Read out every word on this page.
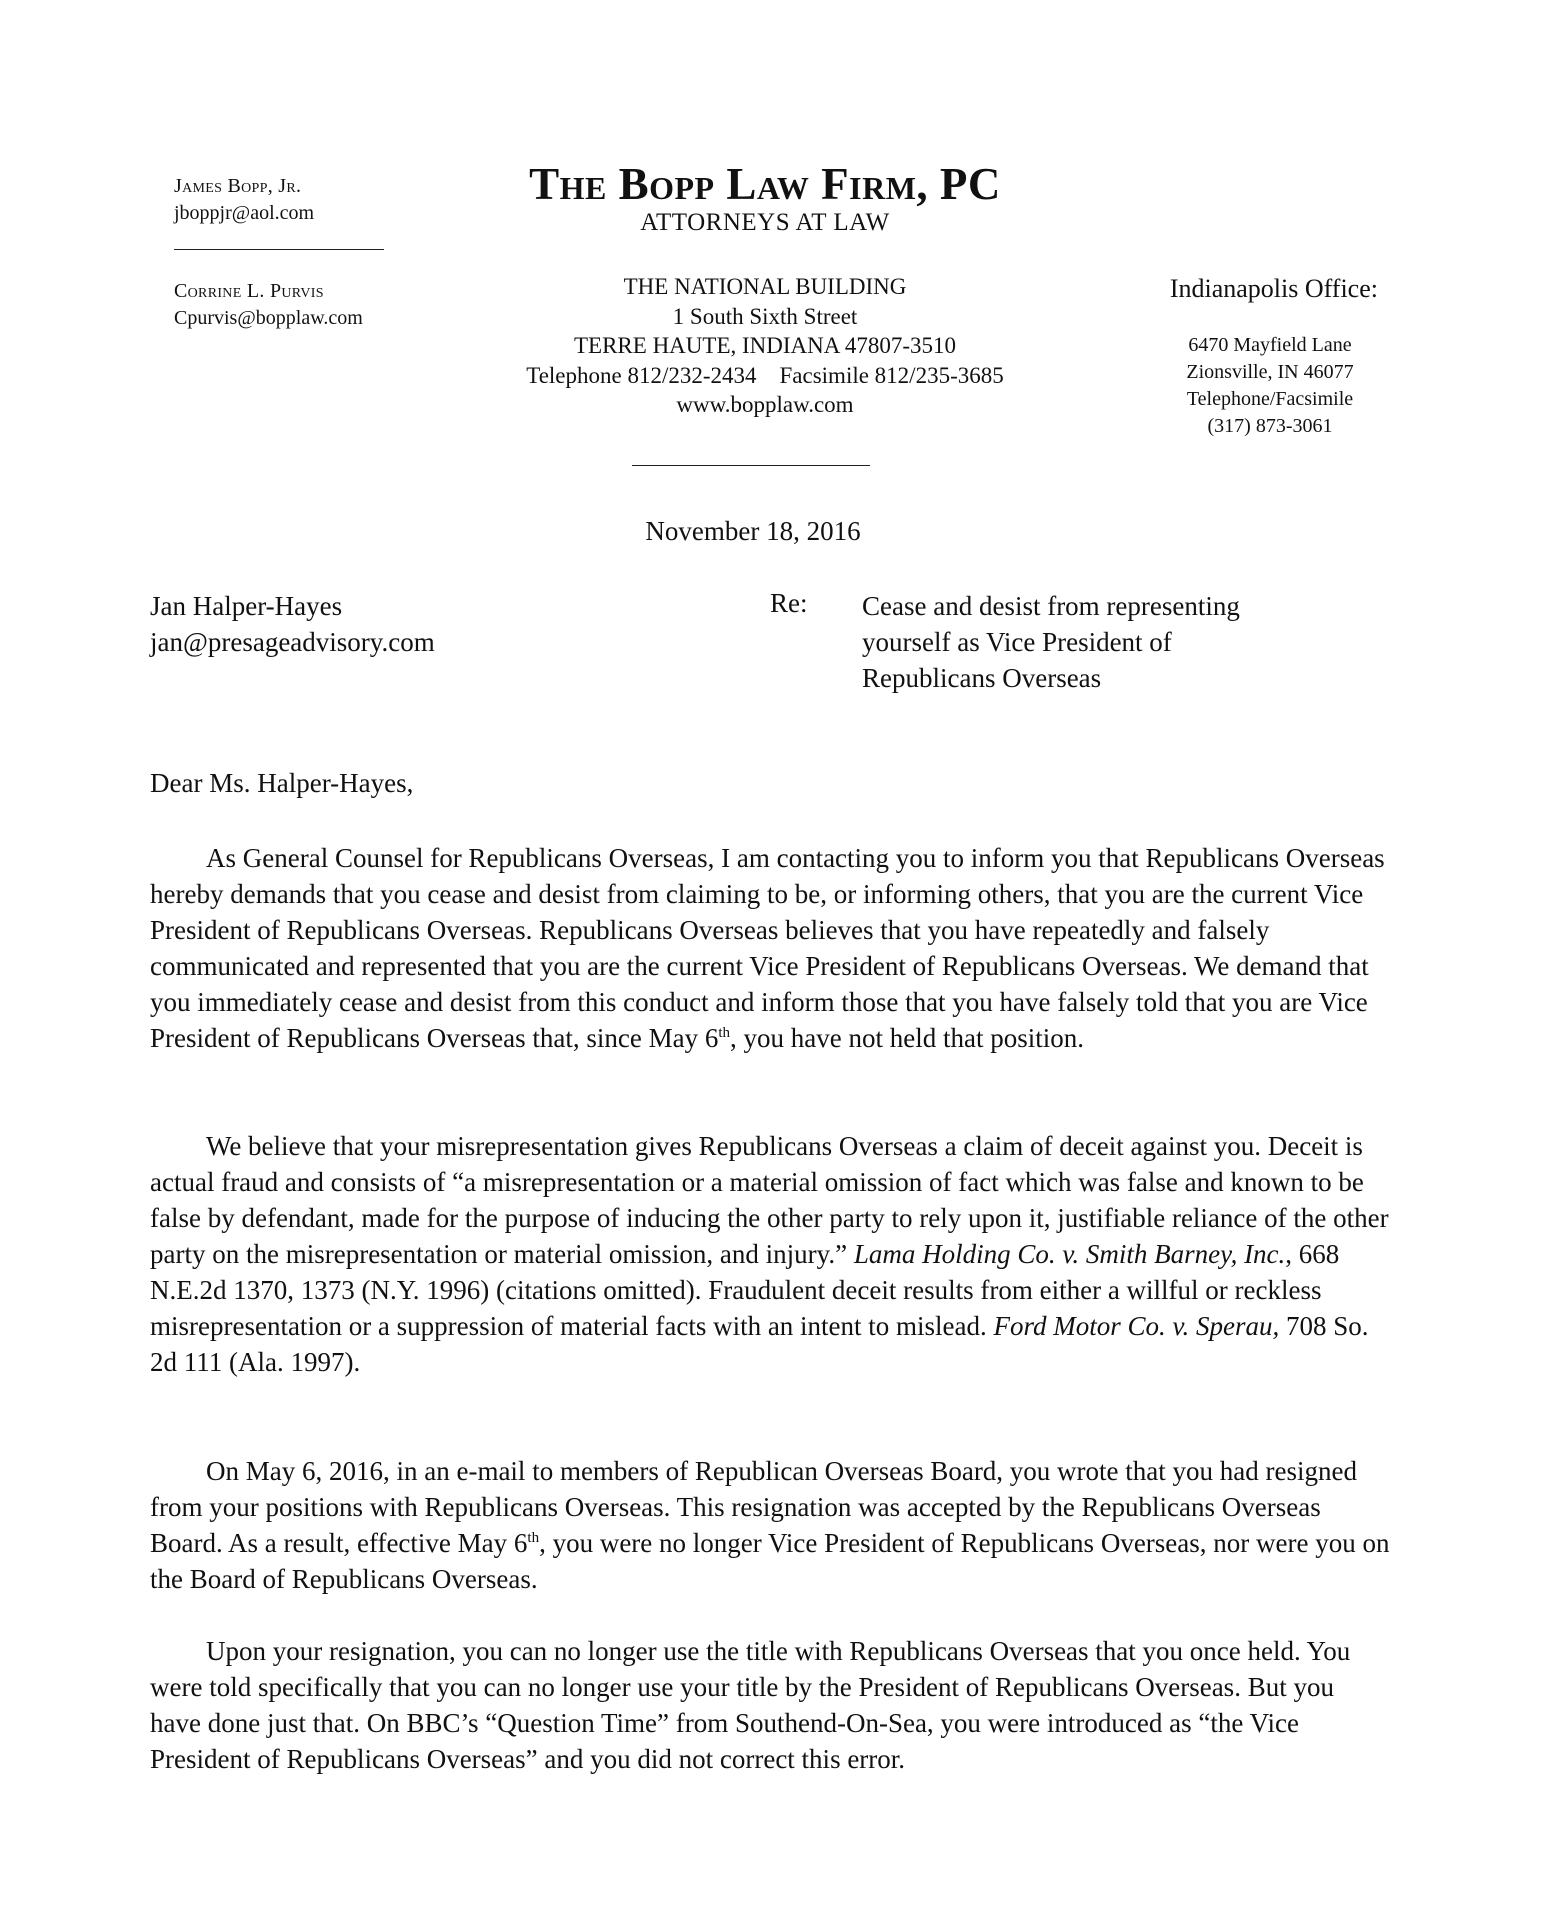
James Bopp, Jr.
jboppjr@aol.com
Corrine L. Purvis
Cpurvis@bopplaw.com
The Bopp Law Firm, PC
ATTORNEYS AT LAW
THE NATIONAL BUILDING
1 South Sixth Street
TERRE HAUTE, INDIANA 47807-3510
Telephone 812/232-2434 Facsimile 812/235-3685
www.bopplaw.com
Indianapolis Office:
6470 Mayfield Lane
Zionsville, IN 46077
Telephone/Facsimile
(317) 873-3061
November 18, 2016
Jan Halper-Hayes
jan@presageadvisory.com
Re: Cease and desist from representing
yourself as Vice President of
Republicans Overseas
Dear Ms. Halper-Hayes,

As General Counsel for Republicans Overseas, I am contacting you to inform you that Republicans Overseas hereby demands that you cease and desist from claiming to be, or informing others, that you are the current Vice President of Republicans Overseas. Republicans Overseas believes that you have repeatedly and falsely communicated and represented that you are the current Vice President of Republicans Overseas. We demand that you immediately cease and desist from this conduct and inform those that you have falsely told that you are Vice President of Republicans Overseas that, since May 6th, you have not held that position.

We believe that your misrepresentation gives Republicans Overseas a claim of deceit against you. Deceit is actual fraud and consists of “a misrepresentation or a material omission of fact which was false and known to be false by defendant, made for the purpose of inducing the other party to rely upon it, justifiable reliance of the other party on the misrepresentation or material omission, and injury.” Lama Holding Co. v. Smith Barney, Inc., 668 N.E.2d 1370, 1373 (N.Y. 1996) (citations omitted). Fraudulent deceit results from either a willful or reckless misrepresentation or a suppression of material facts with an intent to mislead. Ford Motor Co. v. Sperau, 708 So. 2d 111 (Ala. 1997).

On May 6, 2016, in an e-mail to members of Republican Overseas Board, you wrote that you had resigned from your positions with Republicans Overseas. This resignation was accepted by the Republicans Overseas Board. As a result, effective May 6th, you were no longer Vice President of Republicans Overseas, nor were you on the Board of Republicans Overseas.

Upon your resignation, you can no longer use the title with Republicans Overseas that you once held. You were told specifically that you can no longer use your title by the President of Republicans Overseas. But you have done just that. On BBC’s “Question Time” from Southend-On-Sea, you were introduced as “the Vice President of Republicans Overseas” and you did not correct this error.
